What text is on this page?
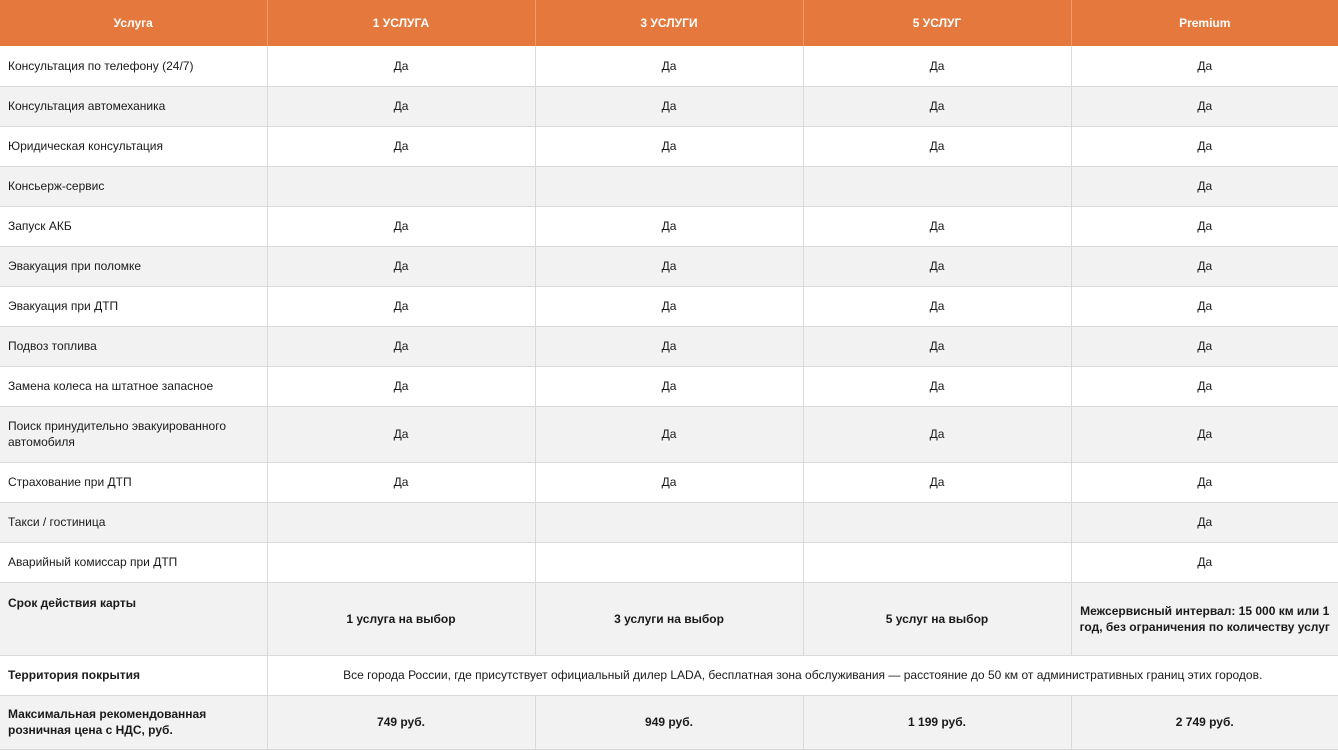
Услуга	1 УСЛУГА	3 УСЛУГИ	5 УСЛУГ	Premium
Консультация по телефону (24/7)	Да	Да	Да	Да
Консультация автомеханика	Да	Да	Да	Да
Юридическая консультация	Да	Да	Да	Да
Консьерж-сервис				Да
Запуск АКБ	Да	Да	Да	Да
Эвакуация при поломке	Да	Да	Да	Да
Эвакуация при ДТП	Да	Да	Да	Да
Подвоз топлива	Да	Да	Да	Да
Замена колеса на штатное запасное	Да	Да	Да	Да
Поиск принудительно эвакуированного автомобиля	Да	Да	Да	Да
Страхование при ДТП	Да	Да	Да	Да
Такси / гостиница				Да
Аварийный комиссар при ДТП				Да
Срок действия карты	1 услуга на выбор	3 услуги на выбор	5 услуг на выбор	Межсервисный интервал: 15 000 км или 1 год, без ограничения по количеству услуг
Территория покрытия	Все города России, где присутствует официальный дилер LADA, бесплатная зона обслуживания — расстояние до 50 км от административных границ этих городов.			
Максимальная рекомендованная розничная цена с НДС, руб.	749 руб.	949 руб.	1 199 руб.	2 749 руб.
